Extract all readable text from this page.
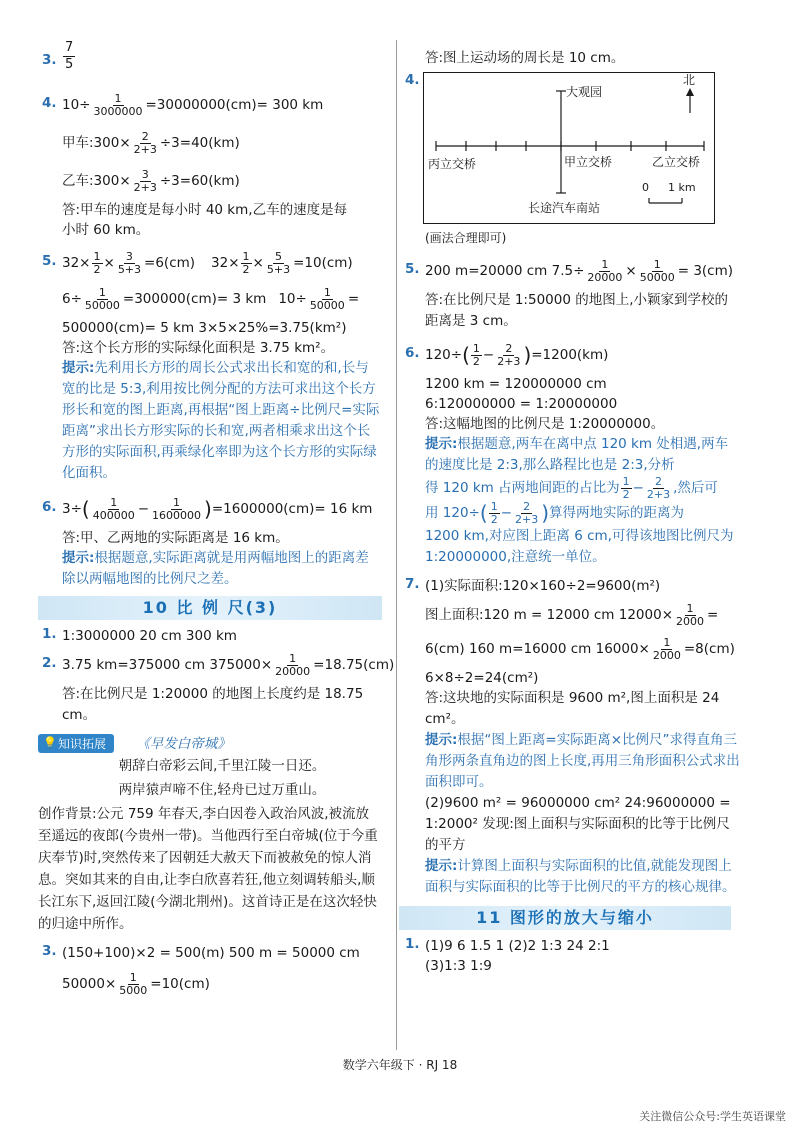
3. $\frac{7}{5}$
4. $10\div \frac{1}{3000000} =30000000(cm)= 300$ km
甲车:300× $\frac{2}{2+3} \div 3=40(km)$
乙车:300× $\frac{3}{2+3} \div 3=60(km)$

答:甲车的速度是每小时 40 km,乙车的速度是每

小时 60 km。

5. $32\times \frac{1}{2} \times \frac{3}{5+3} =6(cm)$ $32\times \frac{1}{2} \times \frac{5}{5+3} =10(cm)$
$6\div \frac{1}{50000} =300000(cm)= 3$ km $10\div \frac{1}{50000}$ =

500000(cm)= 5 km 3×5×25%=3.75(km²)

答:这个长方形的实际绿化面积是 3.75 km²。

提示:先利用长方形的周长公式求出长和宽的和,长与宽的比是 5:3,利用按比例分配的方法可求出这个长方形长和宽的图上距离,再根据“图上距离÷比例尺=实际距离”求出长方形实际的长和宽,两者相乘求出这个长方形的实际面积,再乘绿化率即为这个长方形的实际绿化面积。

6. 3÷ ( $\frac{1}{400000} - \frac{1}{1600000}$ ) =1600000(cm)= 16 km

答:甲、乙两地的实际距离是 16 km。

提示:根据题意,实际距离就是用两幅地图上的距离差除以两幅地图的比例尺之差。

10 比 例 尺(3)
1. 1:3000000 20 cm 300 km

2. 3.75 km=375000 cm $375000\times \frac{1}{20000} =18.75(cm)$

答:在比例尺是 1:20000 的地图上长度约是 18.75 cm。

💡 知识拓展 《早发白帝城》

朝辞白帝彩云间,千里江陵一日还。

两岸猿声啼不住,轻舟已过万重山。

创作背景:公元 759 年春天,李白因卷入政治风波,被流放至遥远的夜郎(今贵州一带)。当他西行至白帝城(位于今重庆奉节)时,突然传来了因朝廷大赦天下而被赦免的惊人消息。突如其来的自由,让李白欣喜若狂,他立刻调转船头,顺长江东下,返回江陵(今湖北荆州)。这首诗正是在这次轻快的归途中所作。

3. (150+100)×2 = 500(m) 500 m = 50000 cm

$50000\times \frac{1}{5000} =10(cm)$

答:图上运动场的周长是 10 cm。

4.
大观园
北
丙立交桥	甲立交桥	乙立交桥
长途汽车南站
0 1 km

(画法合理即可)

5. 200 m=20000 cm $7.5\div \frac{1}{20000} \times \frac{1}{50000} = 3(cm)$

答:在比例尺是 1:50000 的地图上,小颖家到学校的距离是 3 cm。

6. 120÷ ( $\frac{1}{2} - \frac{2}{2+3}$ ) =1200(km)

1200 km = 120000000 cm

6:120000000 = 1:20000000

答:这幅地图的比例尺是 1:20000000。

提示:根据题意,两车在离中点 120 km 处相遇,两车的速度比是 2:3,那么路程比也是 2:3,分析

得 120 km 占两地间距的占比为 $\frac{1}{2} - \frac{2}{2+3}$ ,然后可
用 120÷ ( $\frac{1}{2} - \frac{2}{2+3}$ ) 算得两地实际的距离为

1200 km,对应图上距离 6 cm,可得该地图比例尺为 1:20000000,注意统一单位。

7. (1)实际面积:120×160÷2=9600(m²)

图上面积:120 m = 12000 cm $12000\times \frac{1}{2000}$ =
6(cm) 160 m=16000 cm $16000\times \frac{1}{2000} =8(cm)$

6×8÷2=24(cm²)

答:这块地的实际面积是 9600 m²,图上面积是 24 cm²。

提示:根据“图上距离=实际距离×比例尺”求得直角三角形两条直角边的图上长度,再用三角形面积公式求出面积即可。

(2)9600 m² = 96000000 cm² 24:96000000 = 1:2000² 发现:图上面积与实际面积的比等于比例尺的平方

提示:计算图上面积与实际面积的比值,就能发现图上面积与实际面积的比等于比例尺的平方的核心规律。

11 图形的放大与缩小
1. (1)9 6 1.5 1 (2)2 1:3 24 2:1

(3)1:3 1:9

数学六年级下 · RJ 18
关注微信公众号:学生英语课堂
